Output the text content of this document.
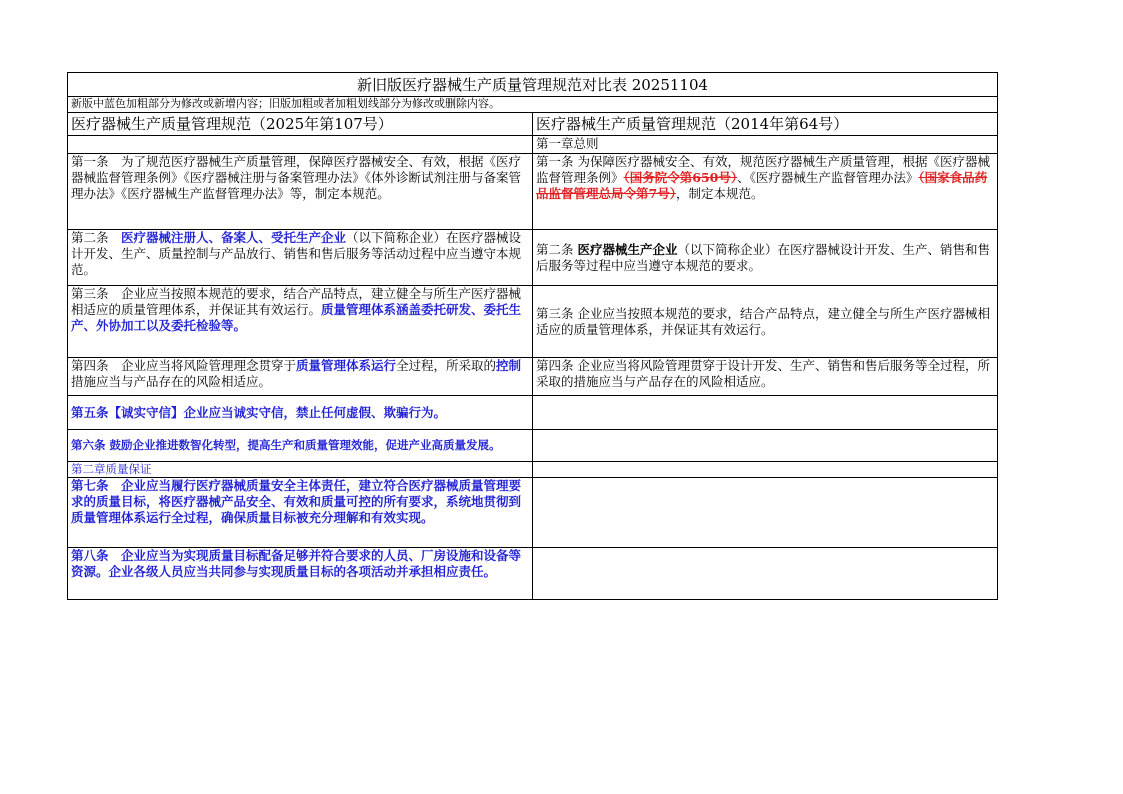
新旧版医疗器械生产质量管理规范对比表 20251104	
新版中蓝色加粗部分为修改或新增内容；旧版加粗或者加粗划线部分为修改或删除内容。	
医疗器械生产质量管理规范（2025年第107号）	医疗器械生产质量管理规范（2014年第64号）
	第一章总则
第一条　为了规范医疗器械生产质量管理，保障医疗器械安全、有效，根据《医疗器械监督管理条例》《医疗器械注册与备案管理办法》《体外诊断试剂注册与备案管理办法》《医疗器械生产监督管理办法》等，制定本规范。	第一条 为保障医疗器械安全、有效，规范医疗器械生产质量管理，根据《医疗器械监督管理条例》（国务院令第650号）、《医疗器械生产监督管理办法》（国家食品药品监督管理总局令第7号），制定本规范。
第二条　医疗器械注册人、备案人、受托生产企业（以下简称企业）在医疗器械设计开发、生产、质量控制与产品放行、销售和售后服务等活动过程中应当遵守本规范。	第二条 医疗器械生产企业（以下简称企业）在医疗器械设计开发、生产、销售和售后服务等过程中应当遵守本规范的要求。
第三条　企业应当按照本规范的要求，结合产品特点，建立健全与所生产医疗器械相适应的质量管理体系，并保证其有效运行。质量管理体系涵盖委托研发、委托生产、外协加工以及委托检验等。	第三条 企业应当按照本规范的要求，结合产品特点，建立健全与所生产医疗器械相适应的质量管理体系，并保证其有效运行。
第四条　企业应当将风险管理理念贯穿于质量管理体系运行全过程，所采取的控制措施应当与产品存在的风险相适应。	第四条 企业应当将风险管理贯穿于设计开发、生产、销售和售后服务等全过程，所采取的措施应当与产品存在的风险相适应。
第五条【诚实守信】企业应当诚实守信，禁止任何虚假、欺骗行为。	
第六条 鼓励企业推进数智化转型，提高生产和质量管理效能，促进产业高质量发展。	
第二章质量保证	
第七条　企业应当履行医疗器械质量安全主体责任，建立符合医疗器械质量管理要求的质量目标，将医疗器械产品安全、有效和质量可控的所有要求，系统地贯彻到质量管理体系运行全过程，确保质量目标被充分理解和有效实现。	
第八条　企业应当为实现质量目标配备足够并符合要求的人员、厂房设施和设备等资源。企业各级人员应当共同参与实现质量目标的各项活动并承担相应责任。	
